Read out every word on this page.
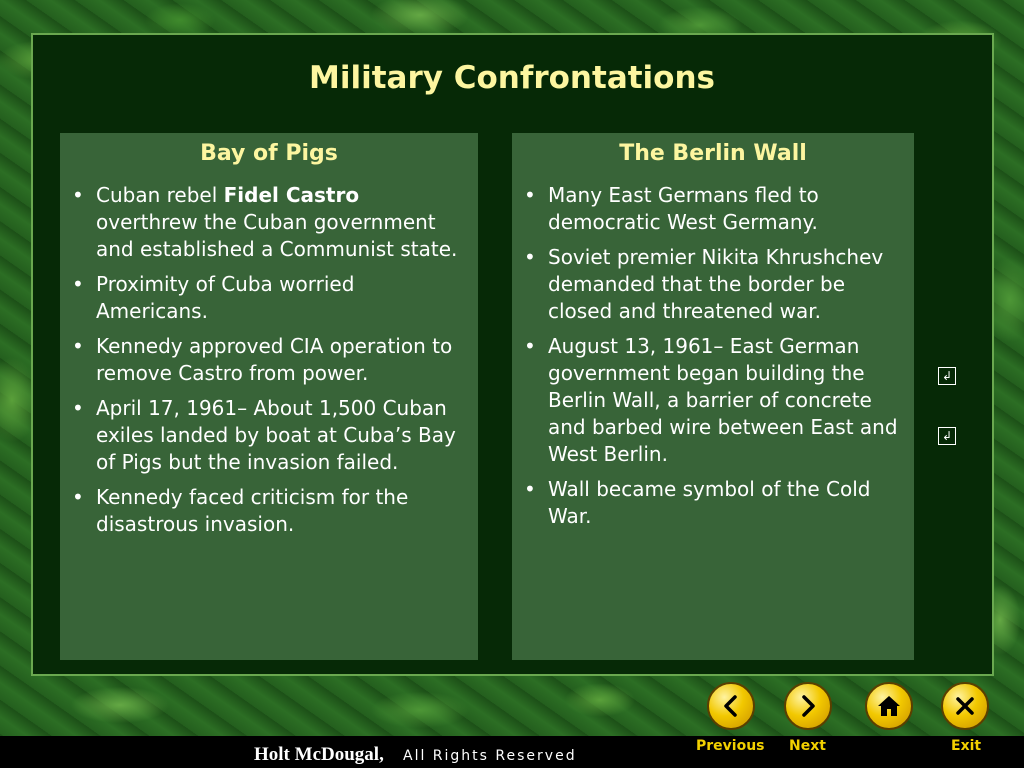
Military Confrontations
Bay of Pigs
• Cuban rebel Fidel Castro overthrew the Cuban government and established a Communist state.
• Proximity of Cuba worried Americans.
• Kennedy approved CIA operation to remove Castro from power.
• April 17, 1961– About 1,500 Cuban exiles landed by boat at Cuba’s Bay of Pigs but the invasion failed.
• Kennedy faced criticism for the disastrous invasion.
The Berlin Wall
• Many East Germans fled to democratic West Germany.
• Soviet premier Nikita Khrushchev demanded that the border be closed and threatened war.
• August 13, 1961– East German government began building the Berlin Wall, a barrier of concrete and barbed wire between East and West Berlin.
• Wall became symbol of the Cold War.
↲
↲
Holt McDougal, All Rights Reserved
Previous Next	Exit
